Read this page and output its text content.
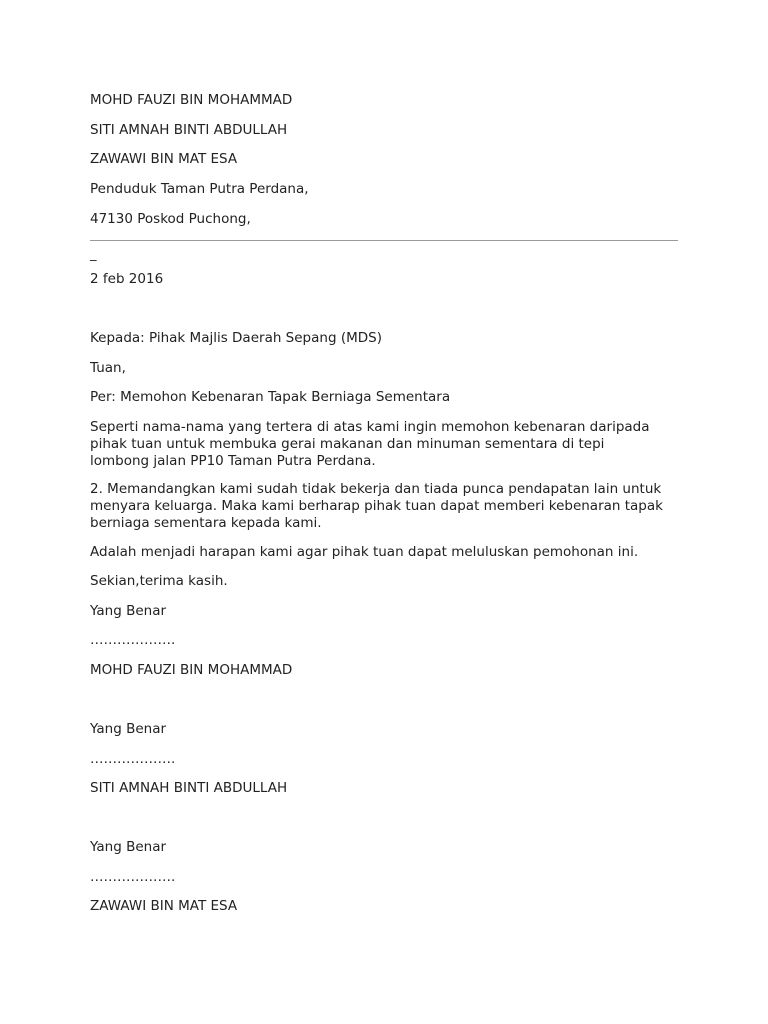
MOHD FAUZI BIN MOHAMMAD
SITI AMNAH BINTI ABDULLAH
ZAWAWI BIN MAT ESA
Penduduk Taman Putra Perdana,
47130 Poskod Puchong,
_
2 feb 2016
Kepada: Pihak Majlis Daerah Sepang (MDS)
Tuan,
Per: Memohon Kebenaran Tapak Berniaga Sementara
Seperti nama-nama yang tertera di atas kami ingin memohon kebenaran daripada
pihak tuan untuk membuka gerai makanan dan minuman sementara di tepi
lombong jalan PP10 Taman Putra Perdana.
2. Memandangkan kami sudah tidak bekerja dan tiada punca pendapatan lain untuk
menyara keluarga. Maka kami berharap pihak tuan dapat memberi kebenaran tapak
berniaga sementara kepada kami.
Adalah menjadi harapan kami agar pihak tuan dapat meluluskan pemohonan ini.
Sekian,terima kasih.
Yang Benar
……………….
MOHD FAUZI BIN MOHAMMAD
Yang Benar
……………….
SITI AMNAH BINTI ABDULLAH
Yang Benar
……………….
ZAWAWI BIN MAT ESA
